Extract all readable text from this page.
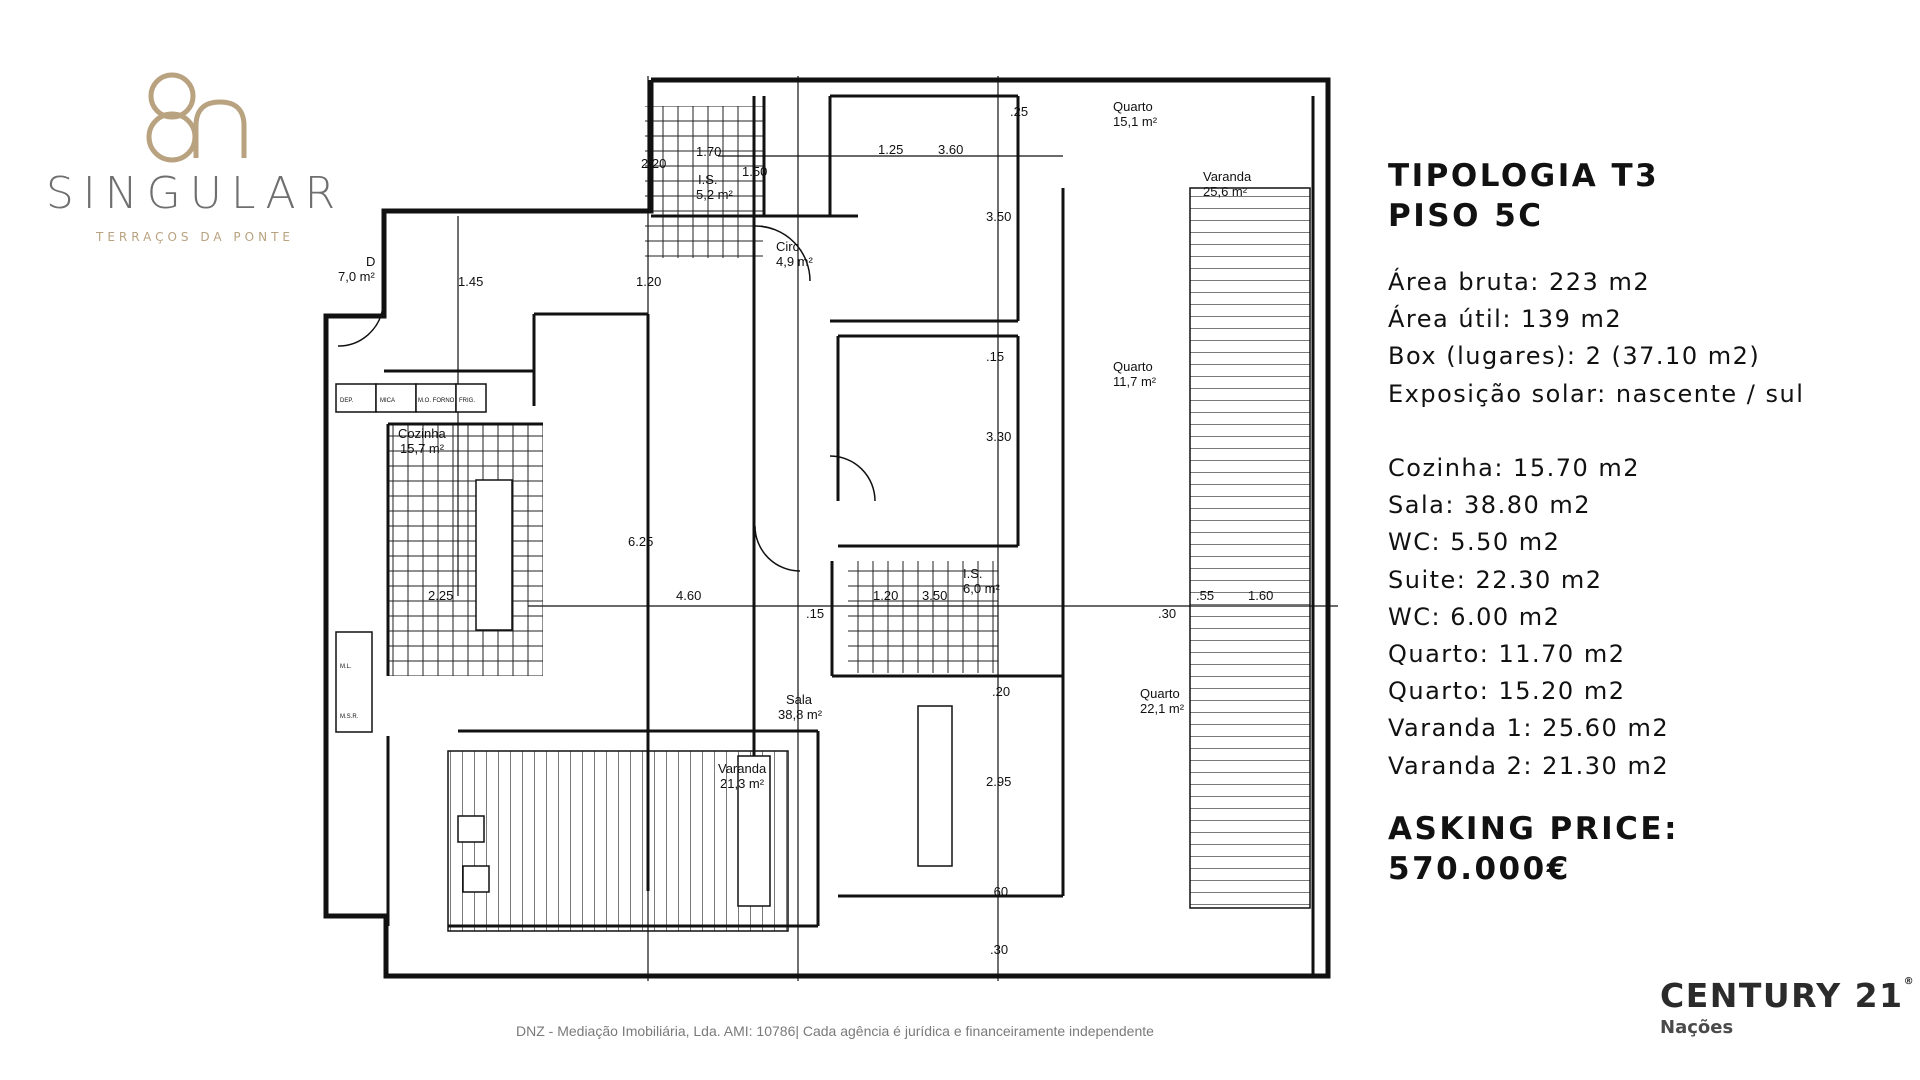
SINGULAR
TERRAÇOS DA PONTE
DEP.	MICA	M.O. FORNO FRIG.
M.L.
M.S.R.
Quarto
15,1 m²
Varanda
25,6 m²
I.S.
5,2 m²
Circ.
4,9 m²
Quarto
11,7 m²
Cozinha
15,7 m²
I.S.
6,0 m²
Sala
38,8 m²
Quarto
22,1 m²
Varanda
21,3 m²
D
7,0 m²
1.25	3.60
.25
2.20
1.70
1.50
1.45	1.20
3.50
.15
3.30
6.25
4.60	1.20
2.25
.15
3.50	.55	1.60
.30
.20
2.95
.60
.30
TIPOLOGIA T3
PISO 5C
Área bruta: 223 m2
Área útil: 139 m2
Box (lugares): 2 (37.10 m2)
Exposição solar: nascente / sul
Cozinha: 15.70 m2
Sala: 38.80 m2
WC: 5.50 m2
Suite: 22.30 m2
WC: 6.00 m2
Quarto: 11.70 m2
Quarto: 15.20 m2
Varanda 1: 25.60 m2
Varanda 2: 21.30 m2
ASKING PRICE:
570.000€
DNZ - Mediação Imobiliária, Lda. AMI: 10786| Cada agência é jurídica e financeiramente independente
CENTURY 21®
Nações
